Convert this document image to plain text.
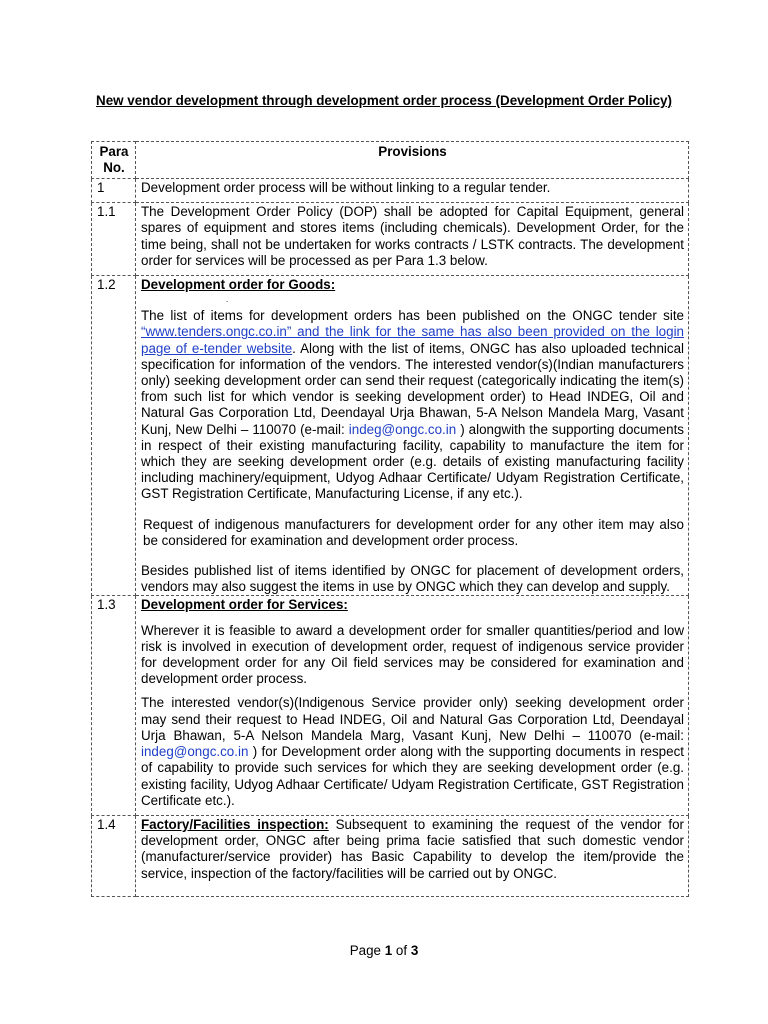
New vendor development through development order process (Development Order Policy)
Para No.	Provisions
1	Development order process will be without linking to a regular tender.
1.1	The Development Order Policy (DOP) shall be adopted for Capital Equipment, general spares of equipment and stores items (including chemicals). Development Order, for the time being, shall not be undertaken for works contracts / LSTK contracts. The development order for services will be processed as per Para 1.3 below.
1.2	Development order for Goods:

.

The list of items for development orders has been published on the ONGC tender site “www.tenders.ongc.co.in” and the link for the same has also been provided on the login page of e-tender website. Along with the list of items, ONGC has also uploaded technical specification for information of the vendors. The interested vendor(s)(Indian manufacturers only) seeking development order can send their request (categorically indicating the item(s) from such list for which vendor is seeking development order) to Head INDEG, Oil and Natural Gas Corporation Ltd, Deendayal Urja Bhawan, 5-A Nelson Mandela Marg, Vasant Kunj, New Delhi – 110070 (e-mail: indeg@ongc.co.in ) alongwith the supporting documents in respect of their existing manufacturing facility, capability to manufacture the item for which they are seeking development order (e.g. details of existing manufacturing facility including machinery/equipment, Udyog Adhaar Certificate/ Udyam Registration Certificate, GST Registration Certificate, Manufacturing License, if any etc.).

Request of indigenous manufacturers for development order for any other item may also be considered for examination and development order process.

Besides published list of items identified by ONGC for placement of development orders, vendors may also suggest the items in use by ONGC which they can develop and supply.

1.3	Development order for Services:

Wherever it is feasible to award a development order for smaller quantities/period and low risk is involved in execution of development order, request of indigenous service provider for development order for any Oil field services may be considered for examination and development order process.

The interested vendor(s)(Indigenous Service provider only) seeking development order may send their request to Head INDEG, Oil and Natural Gas Corporation Ltd, Deendayal Urja Bhawan, 5-A Nelson Mandela Marg, Vasant Kunj, New Delhi – 110070 (e-mail: indeg@ongc.co.in ) for Development order along with the supporting documents in respect of capability to provide such services for which they are seeking development order (e.g. existing facility, Udyog Adhaar Certificate/ Udyam Registration Certificate, GST Registration Certificate etc.).

1.4	Factory/Facilities inspection: Subsequent to examining the request of the vendor for development order, ONGC after being prima facie satisfied that such domestic vendor (manufacturer/service provider) has Basic Capability to develop the item/provide the service, inspection of the factory/facilities will be carried out by ONGC.

Page 1 of 3
